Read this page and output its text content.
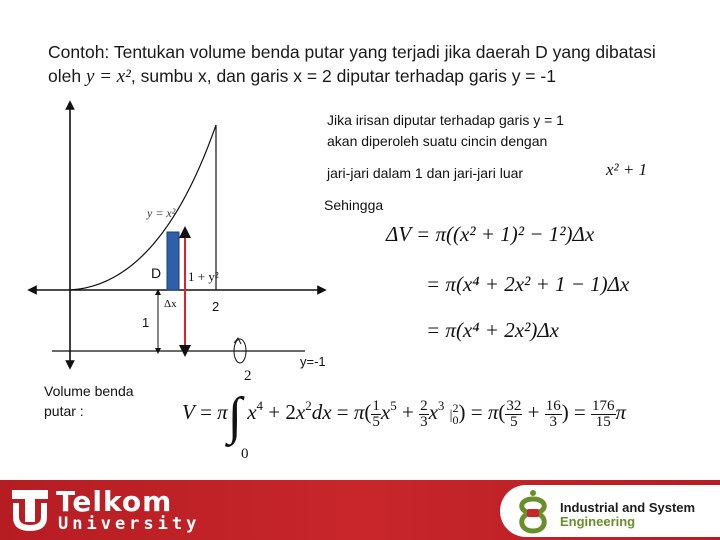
Contoh: Tentukan volume benda putar yang terjadi jika daerah D yang dibatasi
oleh y = x², sumbu x, dan garis x = 2 diputar terhadap garis y = -1
y = x²
D 1 + y²
Δx	2
1
y=-1
Jika irisan diputar terhadap garis y = 1
akan diperoleh suatu cincin dengan
jari-jari dalam 1 dan jari-jari luar	x² + 1
Sehingga
ΔV = π((x² + 1)² − 1²)Δx
= π(x⁴ + 2x² + 1 − 1)Δx
= π(x⁴ + 2x²)Δx
Volume benda
putar :
2
0
V = π∫ $x^4 + 2x^2dx = \pi( \frac{1}{5} x^5 + \frac{2}{3} x^3$ | 2
0 ) = $\pi( \frac{32}{5} + \frac{16}{3}$ ) = $\frac{176}{15}$ π
Telkom
University
Industrial and System
Engineering
